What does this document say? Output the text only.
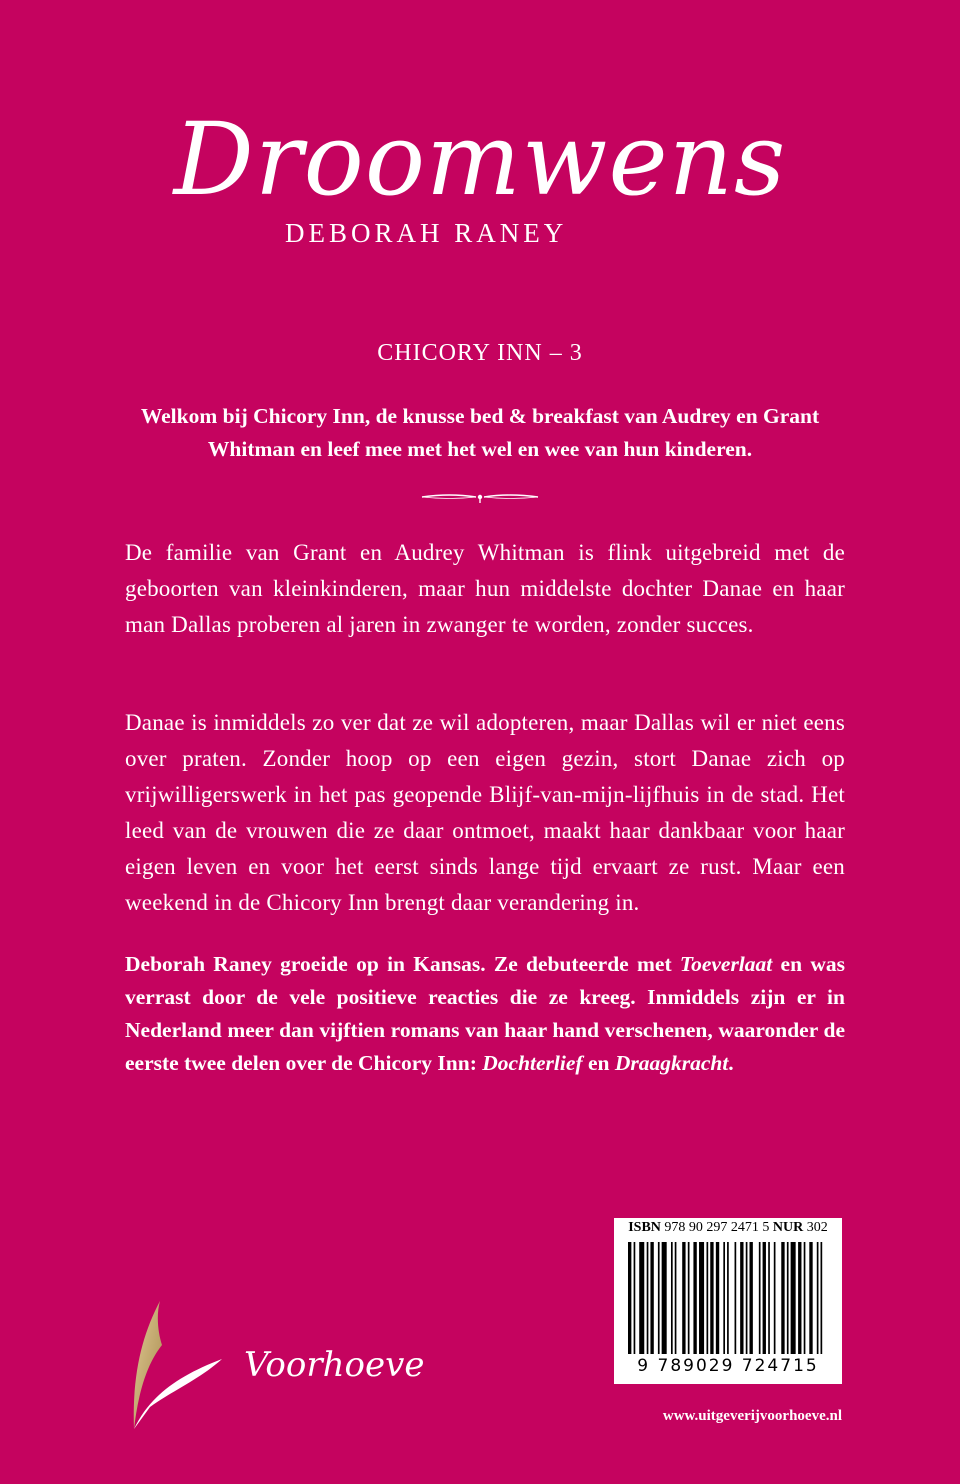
Droomwens
DEBORAH RANEY
CHICORY INN – 3
Welkom bij Chicory Inn, de knusse bed & breakfast van Audrey en Grant Whitman en leef mee met het wel en wee van hun kinderen.
De familie van Grant en Audrey Whitman is flink uitgebreid met de geboorten van kleinkinderen, maar hun middelste dochter Danae en haar man Dallas proberen al jaren in zwanger te worden, zonder succes.
Danae is inmiddels zo ver dat ze wil adopteren, maar Dallas wil er niet eens over praten. Zonder hoop op een eigen gezin, stort Danae zich op vrijwilligerswerk in het pas geopende Blijf-van-mijn-lijfhuis in de stad. Het leed van de vrouwen die ze daar ontmoet, maakt haar dankbaar voor haar eigen leven en voor het eerst sinds lange tijd ervaart ze rust. Maar een weekend in de Chicory Inn brengt daar verandering in.
Deborah Raney groeide op in Kansas. Ze debuteerde met Toeverlaat en was verrast door de vele positieve reacties die ze kreeg. Inmiddels zijn er in Nederland meer dan vijftien romans van haar hand verschenen, waaronder de eerste twee delen over de Chicory Inn: Dochterlief en Draagkracht.
Voorhoeve
ISBN 978 90 297 2471 5 NUR 302
9 789029 724715
www.uitgeverijvoorhoeve.nl
